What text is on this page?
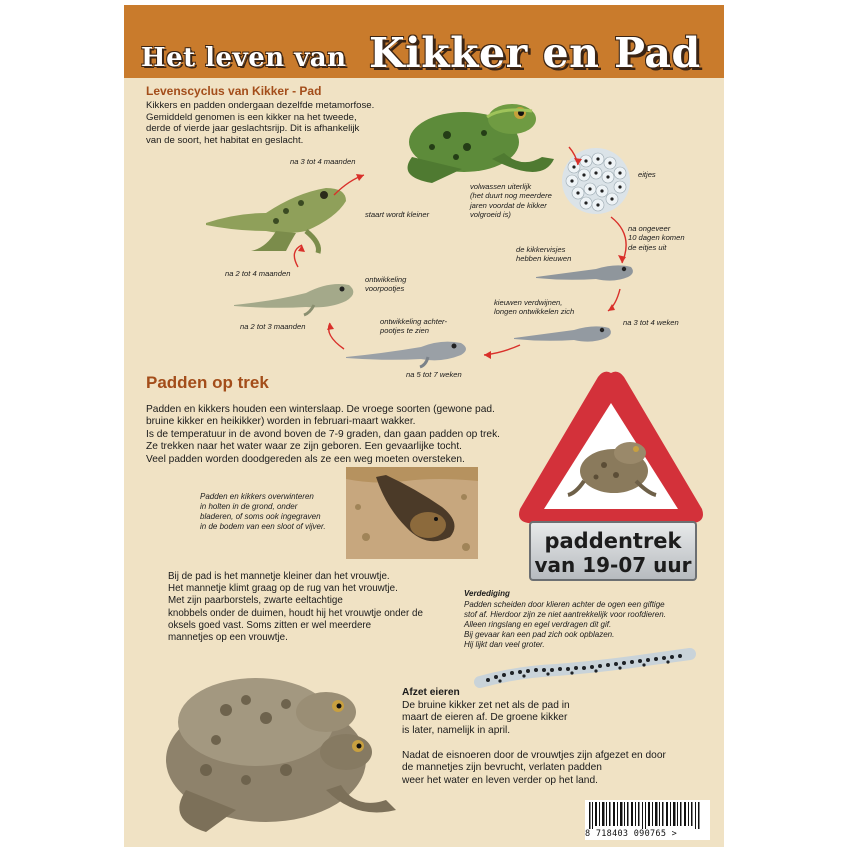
Het leven van Kikker en Pad
Levenscyclus van Kikker - Pad
Kikkers en padden ondergaan dezelfde metamorfose.
Gemiddeld genomen is een kikker na het tweede,
derde of vierde jaar geslachtsrijp. Dit is afhankelijk
van de soort, het habitat en geslacht.
volwassen uiterlijk
(het duurt nog meerdere
jaren voordat de kikker
volgroeid is)
eitjes
na ongeveer
10 dagen komen
de eitjes uit
de kikkervisjes
hebben kieuwen
kieuwen verdwijnen,
longen ontwikkelen zich
na 3 tot 4 weken
ontwikkeling achter-
pootjes te zien
na 5 tot 7 weken
na 2 tot 3 maanden
ontwikkeling
voorpootjes
na 2 tot 4 maanden
staart wordt kleiner
na 3 tot 4 maanden
Padden op trek
Padden en kikkers houden een winterslaap. De vroege soorten (gewone pad.
bruine kikker en heikikker) worden in februari-maart wakker.
Is de temperatuur in de avond boven de 7-9 graden, dan gaan padden op trek.
Ze trekken naar het water waar ze zijn geboren. Een gevaarlijke tocht.
Veel padden worden doodgereden als ze een weg moeten oversteken.
Padden en kikkers overwinteren
in holten in de grond, onder
bladeren, of soms ook ingegraven
in de bodem van een sloot of vijver.
paddentrek
van 19-07 uur
Bij de pad is het mannetje kleiner dan het vrouwtje.
Het mannetje klimt graag op de rug van het vrouwtje.
Met zijn paarborstels, zwarte eeltachtige
knobbels onder de duimen, houdt hij het vrouwtje onder de
oksels goed vast. Soms zitten er wel meerdere
mannetjes op een vrouwtje.
Verdediging
Padden scheiden door klieren achter de ogen een giftige
stof af. Hierdoor zijn ze niet aantrekkelijk voor roofdieren.
Alleen ringslang en egel verdragen dit gif.
Bij gevaar kan een pad zich ook opblazen.
Hij lijkt dan veel groter.
Afzet eieren
De bruine kikker zet net als de pad in
maart de eieren af. De groene kikker
is later, namelijk in april.
Nadat de eisnoeren door de vrouwtjes zijn afgezet en door
de mannetjes zijn bevrucht, verlaten padden
weer het water en leven verder op het land.
8 718403 090765 >
